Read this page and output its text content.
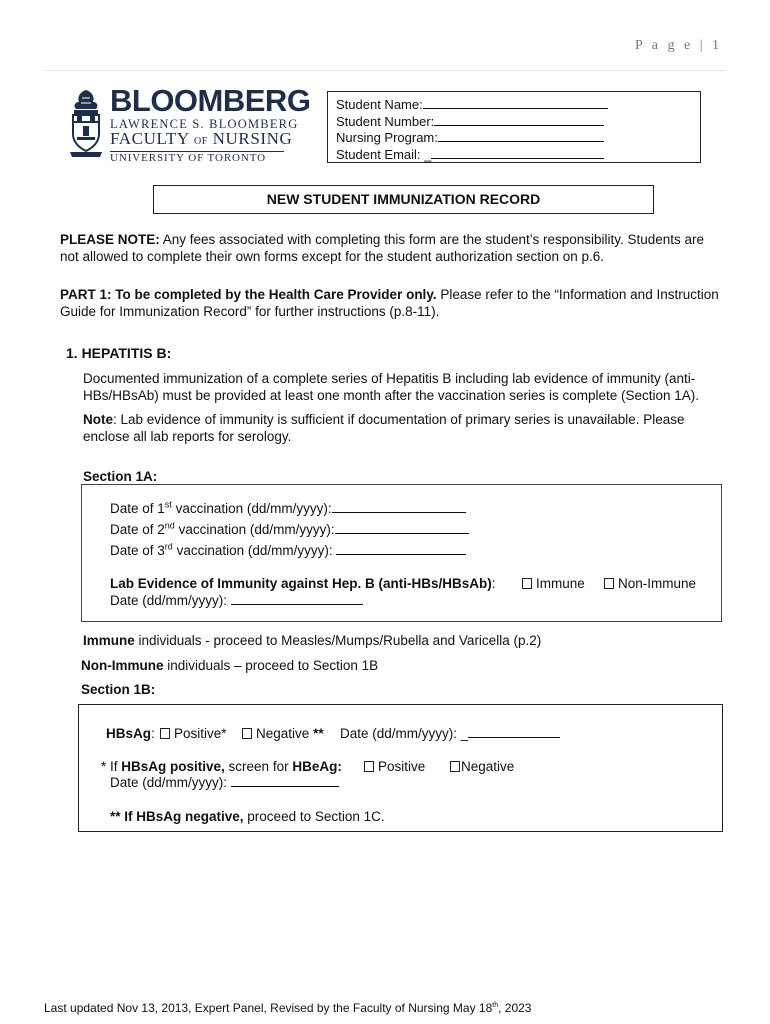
P a g e | 1
BLOOMBERG
LAWRENCE S. BLOOMBERG
FACULTY OF NURSING
UNIVERSITY OF TORONTO
Student Name:
Student Number:
Nursing Program:
Student Email: _
NEW STUDENT IMMUNIZATION RECORD
PLEASE NOTE: Any fees associated with completing this form are the student’s responsibility. Students are not allowed to complete their own forms except for the student authorization section on p.6.
PART 1: To be completed by the Health Care Provider only. Please refer to the “Information and Instruction Guide for Immunization Record” for further instructions (p.8-11).
1. HEPATITIS B:
Documented immunization of a complete series of Hepatitis B including lab evidence of immunity (anti-HBs/HBsAb) must be provided at least one month after the vaccination series is complete (Section 1A).
Note: Lab evidence of immunity is sufficient if documentation of primary series is unavailable. Please enclose all lab reports for serology.
Section 1A:
Date of 1st vaccination (dd/mm/yyyy):
Date of 2nd vaccination (dd/mm/yyyy):
Date of 3rd vaccination (dd/mm/yyyy):
Lab Evidence of Immunity against Hep. B (anti-HBs/HBsAb):	Immune	Non-Immune
Date (dd/mm/yyyy):
Immune individuals - proceed to Measles/Mumps/Rubella and Varicella (p.2)
Non-Immune individuals – proceed to Section 1B
Section 1B:
HBsAg:	Positive*	Negative ** Date (dd/mm/yyyy): _
* If HBsAg positive, screen for HBeAg:	Positive	Negative
Date (dd/mm/yyyy):
** If HBsAg negative, proceed to Section 1C.
Last updated Nov 13, 2013, Expert Panel, Revised by the Faculty of Nursing May 18th, 2023
